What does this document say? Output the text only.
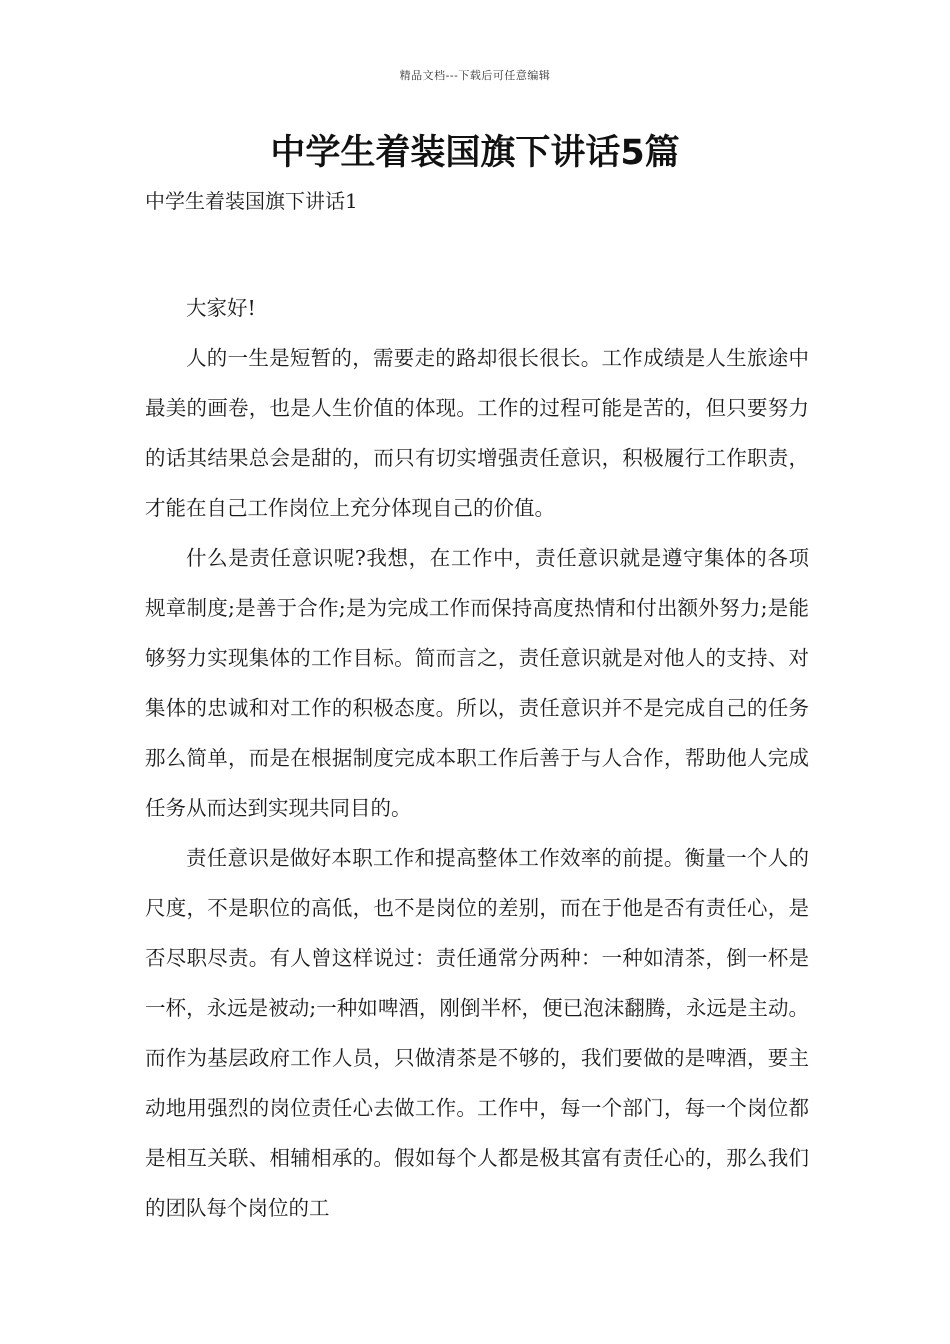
精品文档---下载后可任意编辑
中学生着装国旗下讲话5篇
中学生着装国旗下讲话1

大家好!

人的一生是短暂的，需要走的路却很长很长。工作成绩是人生旅途中最美的画卷，也是人生价值的体现。工作的过程可能是苦的，但只要努力的话其结果总会是甜的，而只有切实增强责任意识，积极履行工作职责，才能在自己工作岗位上充分体现自己的价值。

什么是责任意识呢?我想，在工作中，责任意识就是遵守集体的各项规章制度;是善于合作;是为完成工作而保持高度热情和付出额外努力;是能够努力实现集体的工作目标。简而言之，责任意识就是对他人的支持、对集体的忠诚和对工作的积极态度。所以，责任意识并不是完成自己的任务那么简单，而是在根据制度完成本职工作后善于与人合作，帮助他人完成任务从而达到实现共同目的。

责任意识是做好本职工作和提高整体工作效率的前提。衡量一个人的尺度，不是职位的高低，也不是岗位的差别，而在于他是否有责任心，是否尽职尽责。有人曾这样说过：责任通常分两种：一种如清茶，倒一杯是一杯，永远是被动;一种如啤酒，刚倒半杯，便已泡沫翻腾，永远是主动。而作为基层政府工作人员，只做清茶是不够的，我们要做的是啤酒，要主动地用强烈的岗位责任心去做工作。工作中，每一个部门，每一个岗位都是相互关联、相辅相承的。假如每个人都是极其富有责任心的，那么我们的团队每个岗位的工
